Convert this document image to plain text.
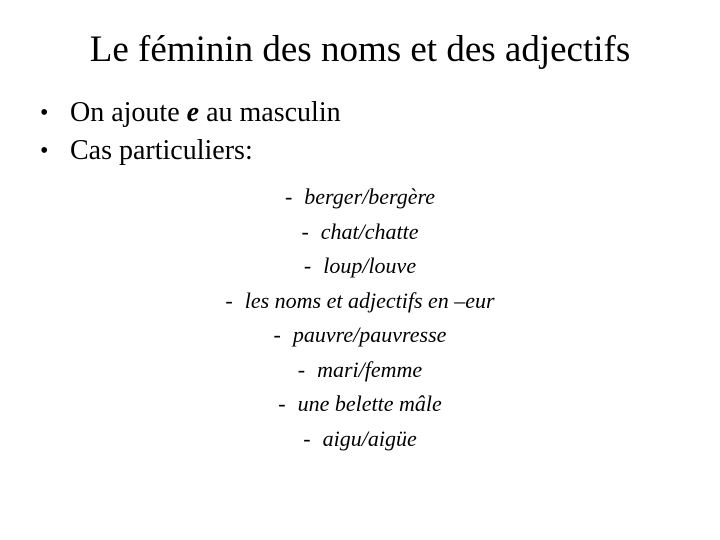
Le féminin des noms et des adjectifs
• On ajoute e au masculin
• Cas particuliers:
- berger/bergère
- chat/chatte
- loup/louve
- les noms et adjectifs en –eur
- pauvre/pauvresse
- mari/femme
- une belette mâle
- aigu/aigüe
